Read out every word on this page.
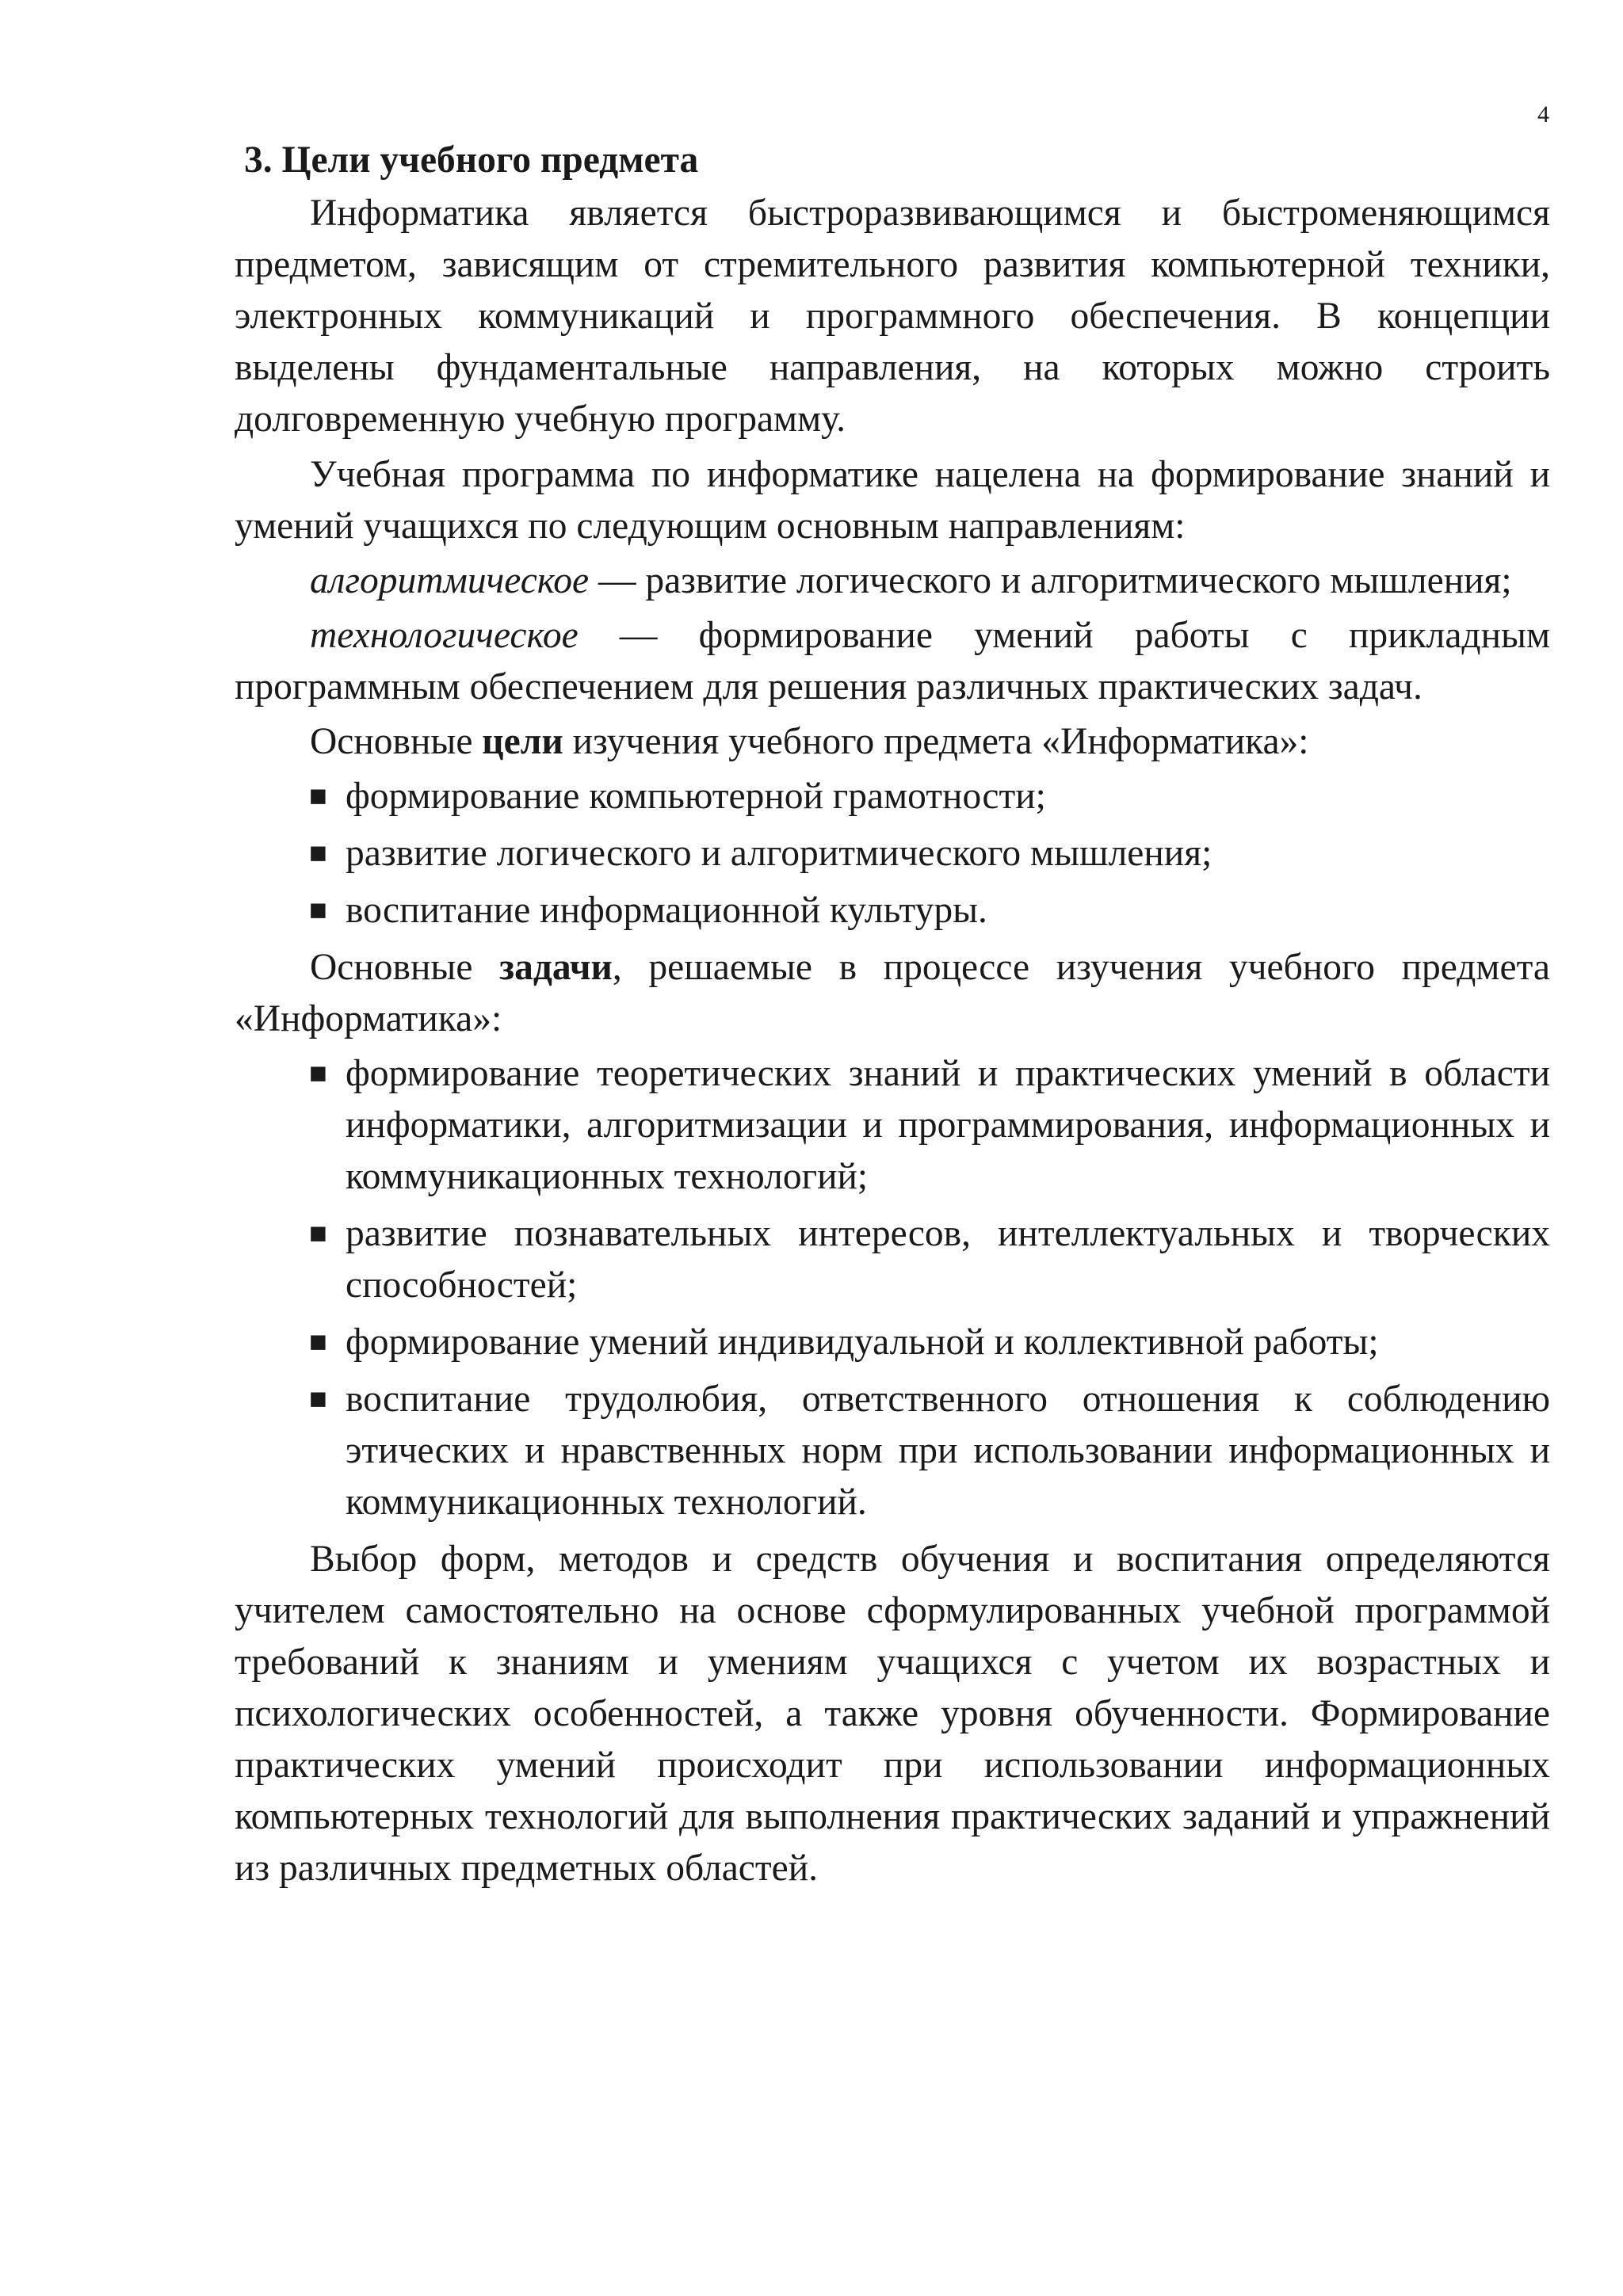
4
3. Цели учебного предмета

Информатика является быстроразвивающимся и быстроменяющимся предметом, зависящим от стремительного развития компьютерной техники, электронных коммуникаций и программного обеспечения. В концепции выделены фундаментальные направления, на которых можно строить долговременную учебную программу.

Учебная программа по информатике нацелена на формирование знаний и умений учащихся по следующим основным направлениям:

алгоритмическое — развитие логического и алгоритмического мышления;

технологическое — формирование умений работы с прикладным программным обеспечением для решения различных практических задач.

Основные цели изучения учебного предмета «Информатика»:

■ формирование компьютерной грамотности;
■ развитие логического и алгоритмического мышления;
■ воспитание информационной культуры.

Основные задачи, решаемые в процессе изучения учебного предмета «Информатика»:

■ формирование теоретических знаний и практических умений в области информатики, алгоритмизации и программирования, информационных и коммуникационных технологий;
■ развитие познавательных интересов, интеллектуальных и творческих способностей;
■ формирование умений индивидуальной и коллективной работы;
■ воспитание трудолюбия, ответственного отношения к соблюдению этических и нравственных норм при использовании информационных и коммуникационных технологий.

Выбор форм, методов и средств обучения и воспитания определяются учителем самостоятельно на основе сформулированных учебной программой требований к знаниям и умениям учащихся с учетом их возрастных и психологических особенностей, а также уровня обученности. Формирование практических умений происходит при использовании информационных компьютерных технологий для выполнения практических заданий и упражнений из различных предметных областей.
